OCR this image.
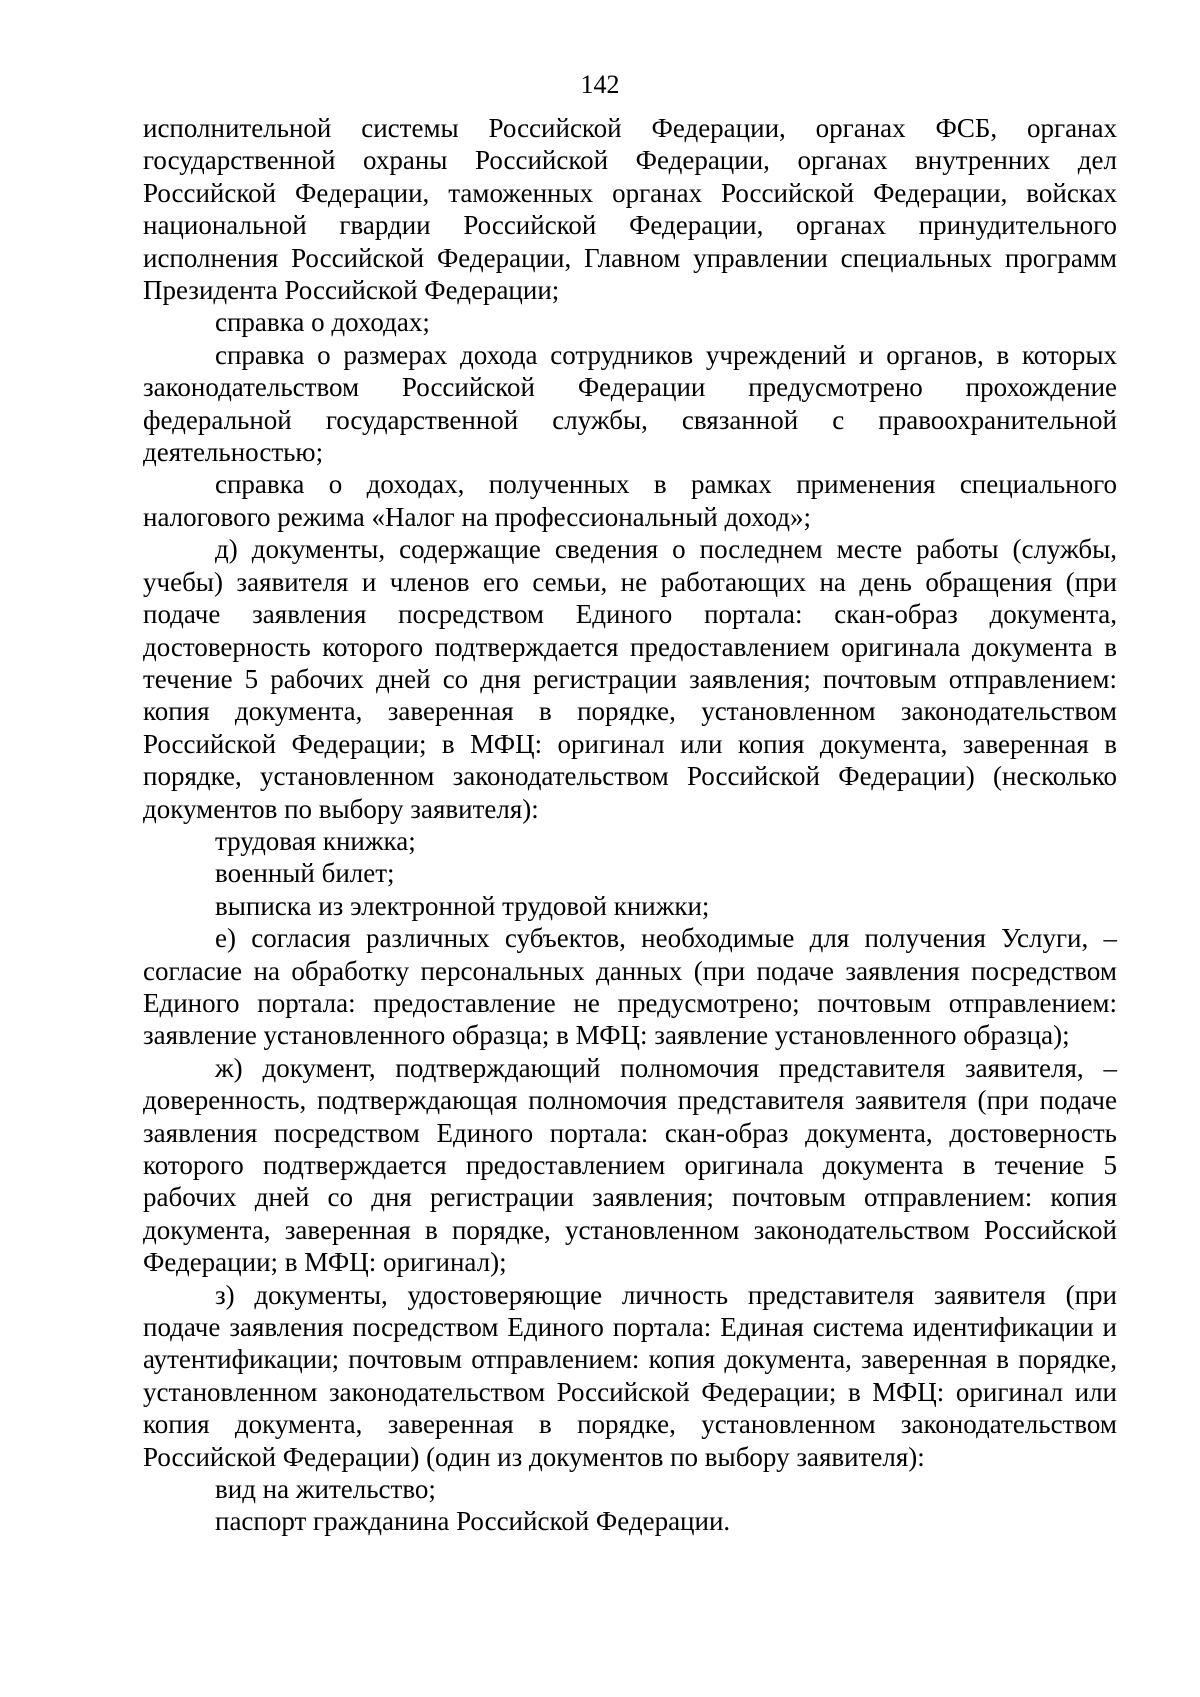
142

исполнительной системы Российской Федерации, органах ФСБ, органах государственной охраны Российской Федерации, органах внутренних дел Российской Федерации, таможенных органах Российской Федерации, войсках национальной гвардии Российской Федерации, органах принудительного исполнения Российской Федерации, Главном управлении специальных программ Президента Российской Федерации;

справка о доходах;

справка о размерах дохода сотрудников учреждений и органов, в которых законодательством Российской Федерации предусмотрено прохождение федеральной государственной службы, связанной с правоохранительной деятельностью;

справка о доходах, полученных в рамках применения специального налогового режима «Налог на профессиональный доход»;

д) документы, содержащие сведения о последнем месте работы (службы, учебы) заявителя и членов его семьи, не работающих на день обращения (при подаче заявления посредством Единого портала: скан-образ документа, достоверность которого подтверждается предоставлением оригинала документа в течение 5 рабочих дней со дня регистрации заявления; почтовым отправлением: копия документа, заверенная в порядке, установленном законодательством Российской Федерации; в МФЦ: оригинал или копия документа, заверенная в порядке, установленном законодательством Российской Федерации) (несколько документов по выбору заявителя):

трудовая книжка;

военный билет;

выписка из электронной трудовой книжки;

е) согласия различных субъектов, необходимые для получения Услуги, – согласие на обработку персональных данных (при подаче заявления посредством Единого портала: предоставление не предусмотрено; почтовым отправлением: заявление установленного образца; в МФЦ: заявление установленного образца);

ж) документ, подтверждающий полномочия представителя заявителя, – доверенность, подтверждающая полномочия представителя заявителя (при подаче заявления посредством Единого портала: скан-образ документа, достоверность которого подтверждается предоставлением оригинала документа в течение 5 рабочих дней со дня регистрации заявления; почтовым отправлением: копия документа, заверенная в порядке, установленном законодательством Российской Федерации; в МФЦ: оригинал);

з) документы, удостоверяющие личность представителя заявителя (при подаче заявления посредством Единого портала: Единая система идентификации и аутентификации; почтовым отправлением: копия документа, заверенная в порядке, установленном законодательством Российской Федерации; в МФЦ: оригинал или копия документа, заверенная в порядке, установленном законодательством Российской Федерации) (один из документов по выбору заявителя):

вид на жительство;

паспорт гражданина Российской Федерации.
